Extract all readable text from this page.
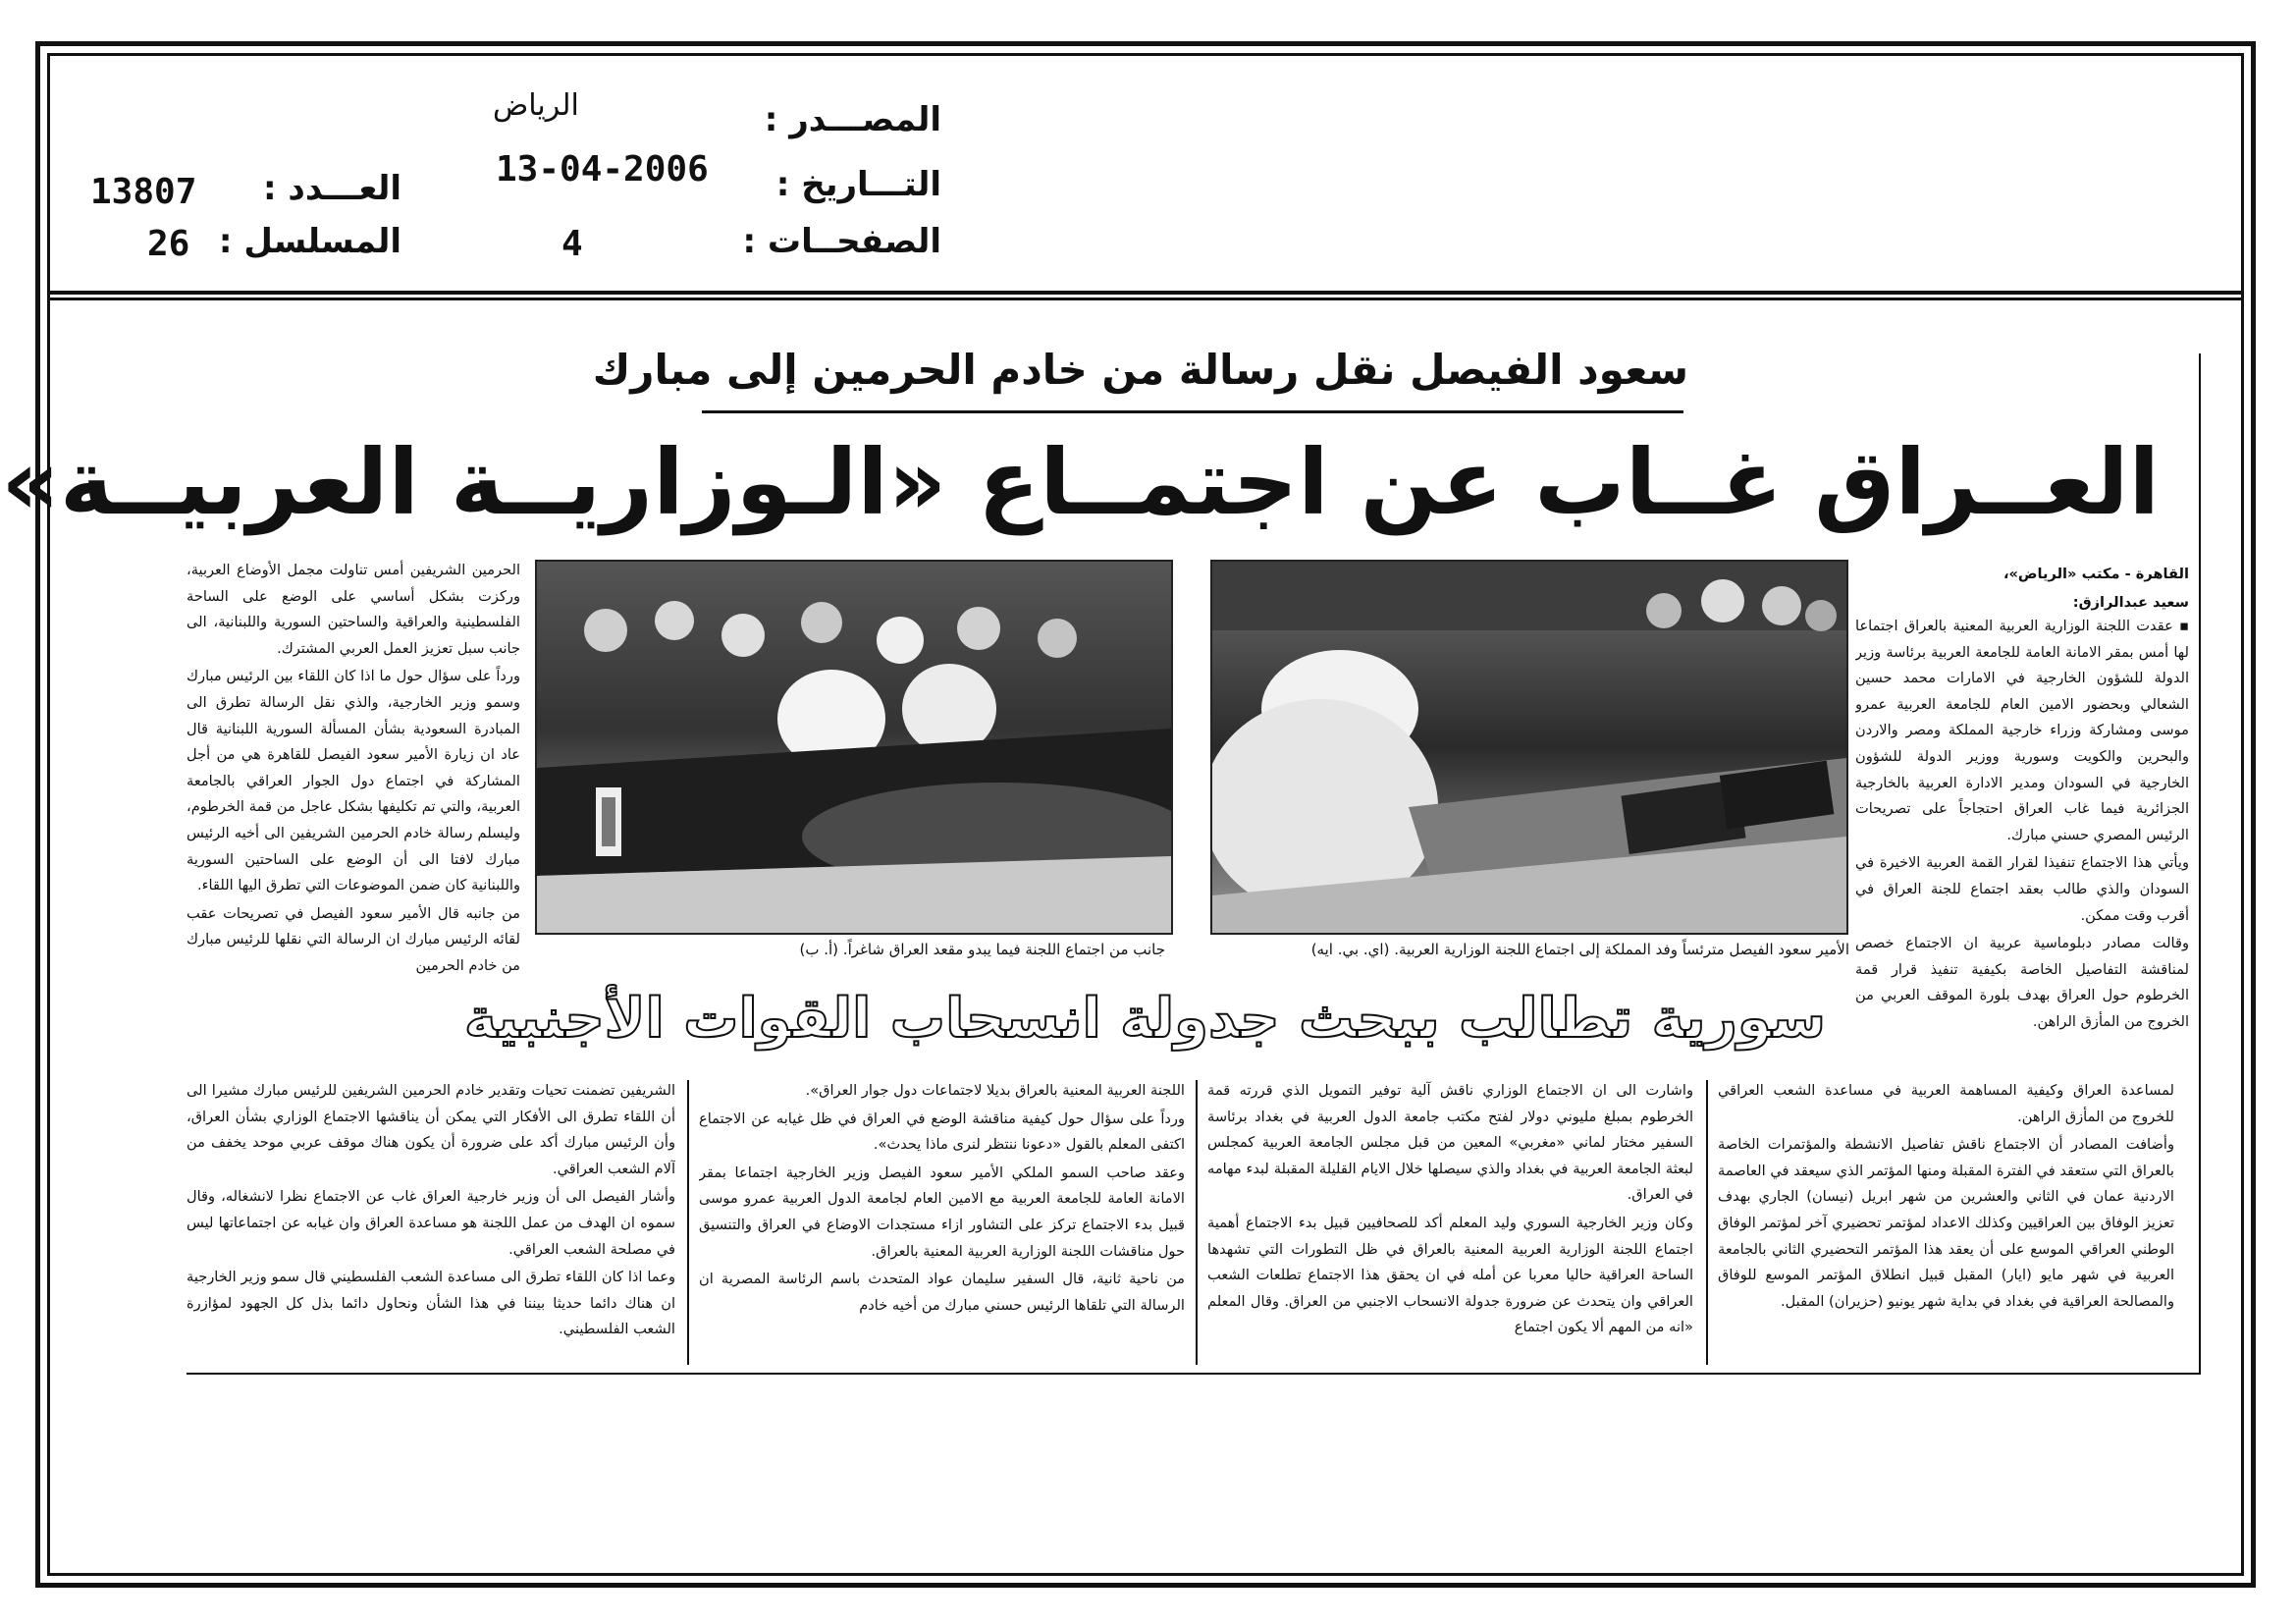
المصـــدر :
الرياض
التـــاريخ :
13-04-2006
الصفحــات :
4
العـــدد :
13807
المسلسل :
26
سعود الفيصل نقل رسالة من خادم الحرمين إلى مبارك
العــراق غــاب عن اجتمــاع «الـوزاريــة العربيــة»

القاهرة - مكتب «الرياض»،

سعيد عبدالرازق:

▪ عقدت اللجنة الوزارية العربية المعنية بالعراق اجتماعا لها أمس بمقر الامانة العامة للجامعة العربية برئاسة وزير الدولة للشؤون الخارجية في الامارات محمد حسين الشعالي وبحضور الامين العام للجامعة العربية عمرو موسى ومشاركة وزراء خارجية المملكة ومصر والاردن والبحرين والكويت وسورية ووزير الدولة للشؤون الخارجية في السودان ومدير الادارة العربية بالخارجية الجزائرية فيما غاب العراق احتجاجاً على تصريحات الرئيس المصري حسني مبارك.

ويأتي هذا الاجتماع تنفيذا لقرار القمة العربية الاخيرة في السودان والذي طالب بعقد اجتماع للجنة العراق في أقرب وقت ممكن.

وقالت مصادر دبلوماسية عربية ان الاجتماع خصص لمناقشة التفاصيل الخاصة بكيفية تنفيذ قرار قمة الخرطوم حول العراق بهدف بلورة الموقف العربي من الخروج من المأزق الراهن.

الأمير سعود الفيصل مترئساً وفد المملكة إلى اجتماع اللجنة الوزارية العربية. (اي. بي. ايه)
جانب من اجتماع اللجنة فيما يبدو مقعد العراق شاغراً. (أ. ب)

الحرمين الشريفين أمس تناولت مجمل الأوضاع العربية، وركزت بشكل أساسي على الوضع على الساحة الفلسطينية والعراقية والساحتين السورية واللبنانية، الى جانب سبل تعزيز العمل العربي المشترك.

ورداً على سؤال حول ما اذا كان اللقاء بين الرئيس مبارك وسمو وزير الخارجية، والذي نقل الرسالة تطرق الى المبادرة السعودية بشأن المسألة السورية اللبنانية قال عاد ان زيارة الأمير سعود الفيصل للقاهرة هي من أجل المشاركة في اجتماع دول الجوار العراقي بالجامعة العربية، والتي تم تكليفها بشكل عاجل من قمة الخرطوم، وليسلم رسالة خادم الحرمين الشريفين الى أخيه الرئيس مبارك لافتا الى أن الوضع على الساحتين السورية واللبنانية كان ضمن الموضوعات التي تطرق اليها اللقاء.

من جانبه قال الأمير سعود الفيصل في تصريحات عقب لقائه الرئيس مبارك ان الرسالة التي نقلها للرئيس مبارك من خادم الحرمين

سورية تطالب ببحث جدولة انسحاب القوات الأجنبية

لمساعدة العراق وكيفية المساهمة العربية في مساعدة الشعب العراقي للخروج من المأزق الراهن.

وأضافت المصادر أن الاجتماع ناقش تفاصيل الانشطة والمؤتمرات الخاصة بالعراق التي ستعقد في الفترة المقبلة ومنها المؤتمر الذي سيعقد في العاصمة الاردنية عمان في الثاني والعشرين من شهر ابريل (نيسان) الجاري بهدف تعزيز الوفاق بين العراقيين وكذلك الاعداد لمؤتمر تحضيري آخر لمؤتمر الوفاق الوطني العراقي الموسع على أن يعقد هذا المؤتمر التحضيري الثاني بالجامعة العربية في شهر مايو (ايار) المقبل قبيل انطلاق المؤتمر الموسع للوفاق والمصالحة العراقية في بغداد في بداية شهر يونيو (حزيران) المقبل.

واشارت الى ان الاجتماع الوزاري ناقش آلية توفير التمويل الذي قررته قمة الخرطوم بمبلغ مليوني دولار لفتح مكتب جامعة الدول العربية في بغداد برئاسة السفير مختار لماني «مغربي» المعين من قبل مجلس الجامعة العربية كمجلس لبعثة الجامعة العربية في بغداد والذي سيصلها خلال الايام القليلة المقبلة لبدء مهامه في العراق.

وكان وزير الخارجية السوري وليد المعلم أكد للصحافيين قبيل بدء الاجتماع أهمية اجتماع اللجنة الوزارية العربية المعنية بالعراق في ظل التطورات التي تشهدها الساحة العراقية حاليا معربا عن أمله في ان يحقق هذا الاجتماع تطلعات الشعب العراقي وان يتحدث عن ضرورة جدولة الانسحاب الاجنبي من العراق. وقال المعلم «انه من المهم ألا يكون اجتماع

اللجنة العربية المعنية بالعراق بديلا لاجتماعات دول جوار العراق».

ورداً على سؤال حول كيفية مناقشة الوضع في العراق في ظل غيابه عن الاجتماع اكتفى المعلم بالقول «دعونا ننتظر لنرى ماذا يحدث».

وعقد صاحب السمو الملكي الأمير سعود الفيصل وزير الخارجية اجتماعا بمقر الامانة العامة للجامعة العربية مع الامين العام لجامعة الدول العربية عمرو موسى قبيل بدء الاجتماع تركز على التشاور ازاء مستجدات الاوضاع في العراق والتنسيق حول مناقشات اللجنة الوزارية العربية المعنية بالعراق.

من ناحية ثانية، قال السفير سليمان عواد المتحدث باسم الرئاسة المصرية ان الرسالة التي تلقاها الرئيس حسني مبارك من أخيه خادم

الشريفين تضمنت تحيات وتقدير خادم الحرمين الشريفين للرئيس مبارك مشيرا الى أن اللقاء تطرق الى الأفكار التي يمكن أن يناقشها الاجتماع الوزاري بشأن العراق، وأن الرئيس مبارك أكد على ضرورة أن يكون هناك موقف عربي موحد يخفف من آلام الشعب العراقي.

وأشار الفيصل الى أن وزير خارجية العراق غاب عن الاجتماع نظرا لانشغاله، وقال سموه ان الهدف من عمل اللجنة هو مساعدة العراق وان غيابه عن اجتماعاتها ليس في مصلحة الشعب العراقي.

وعما اذا كان اللقاء تطرق الى مساعدة الشعب الفلسطيني قال سمو وزير الخارجية ان هناك دائما حديثا بيننا في هذا الشأن ونحاول دائما بذل كل الجهود لمؤازرة الشعب الفلسطيني.
